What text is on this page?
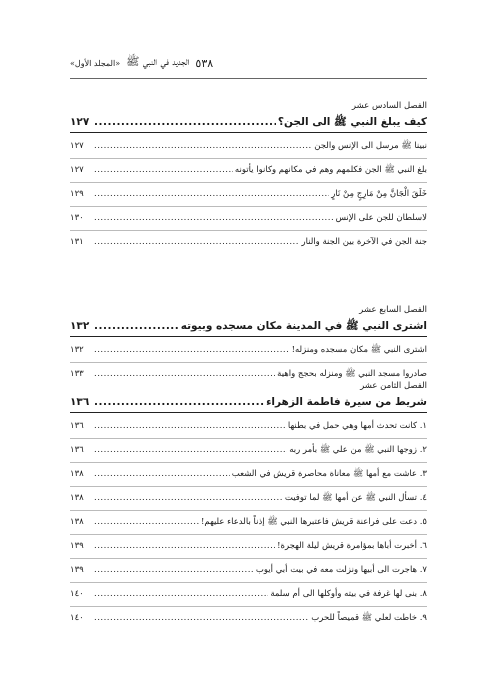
٥٣٨
الجديد في النبي ﷺ
«المجلد الأول»
الفصل السادس عشر
كيف يبلغ النبي ﷺ الى الجن؟
.....
١٢٧
نبينا ﷺ مرسل الى الإنس والجن
.....
١٢٧
بلغ النبي ﷺ الجن فكلمهم وهم في مكانهم وكانوا يأتونه
.....
١٢٧
خَلَقَ الْجَانَّ مِنْ مَارِجٍ مِنْ نَارٍ
.....
١٢٩
لاسلطان للجن على الإنس
.....
١٣٠
جنة الجن في الآخرة بين الجنة والنار
.....
١٣١
الفصل السابع عشر
اشترى النبي ﷺ في المدينة مكان مسجده وبيوته
.....
١٣٢
اشترى النبي ﷺ مكان مسجده ومنزله!
.....
١٣٢
صادروا مسجد النبي ﷺ ومنزله بحجج واهية
.....
١٣٣
الفصل الثامن عشر
شريط من سيرة فاطمة الزهراء
.....
١٣٦
١. كانت تحدث أمها وهي حمل في بطنها
.....
١٣٦
٢. زوجها النبي ﷺ من علي ﷺ بأمر ربه
.....
١٣٦
٣. عاشت مع أمها ﷺ معاناة محاصرة قريش في الشعب
.....
١٣٨
٤. تسأل النبي ﷺ عن أمها ﷺ لما توفيت
.....
١٣٨
٥. دعت على فراعنة قريش فاعتبرها النبي ﷺ إذناً بالدعاء عليهم!
.....
١٣٨
٦. أخبرت أباها بمؤامرة قريش ليلة الهجرة!
.....
١٣٩
٧. هاجرت الى أبيها ونزلت معه في بيت أبي أيوب
.....
١٣٩
٨. بنى لها غرفة في بيته وأوكلها الى أم سلمة
.....
١٤٠
٩. خاطت لعلي ﷺ قميصاً للحرب
.....
١٤٠
